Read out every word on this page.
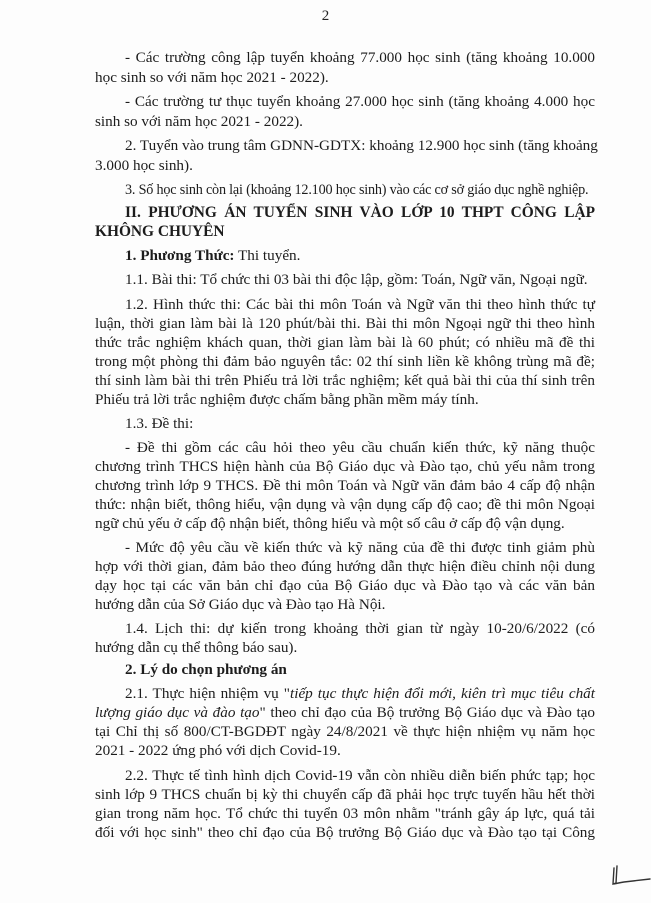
2
- Các trường công lập tuyển khoảng 77.000 học sinh (tăng khoảng 10.000
học sinh so với năm học 2021 - 2022).
- Các trường tư thục tuyển khoảng 27.000 học sinh (tăng khoảng 4.000 học
sinh so với năm học 2021 - 2022).
2. Tuyển vào trung tâm GDNN-GDTX: khoảng 12.900 học sinh (tăng khoảng
3.000 học sinh).
3. Số học sinh còn lại (khoảng 12.100 học sinh) vào các cơ sở giáo dục nghề nghiệp.
II. PHƯƠNG ÁN TUYỂN SINH VÀO LỚP 10 THPT CÔNG LẬP
KHÔNG CHUYÊN
1. Phương Thức: Thi tuyển.
1.1. Bài thi: Tổ chức thi 03 bài thi độc lập, gồm: Toán, Ngữ văn, Ngoại ngữ.
1.2. Hình thức thi: Các bài thi môn Toán và Ngữ văn thi theo hình thức tự
luận, thời gian làm bài là 120 phút/bài thi. Bài thi môn Ngoại ngữ thi theo hình
thức trắc nghiệm khách quan, thời gian làm bài là 60 phút; có nhiều mã đề thi
trong một phòng thi đảm bảo nguyên tắc: 02 thí sinh liền kề không trùng mã đề;
thí sinh làm bài thi trên Phiếu trả lời trắc nghiệm; kết quả bài thi của thí sinh trên
Phiếu trả lời trắc nghiệm được chấm bằng phần mềm máy tính.
1.3. Đề thi:
- Đề thi gồm các câu hỏi theo yêu cầu chuẩn kiến thức, kỹ năng thuộc
chương trình THCS hiện hành của Bộ Giáo dục và Đào tạo, chủ yếu nằm trong
chương trình lớp 9 THCS. Đề thi môn Toán và Ngữ văn đảm bảo 4 cấp độ nhận
thức: nhận biết, thông hiểu, vận dụng và vận dụng cấp độ cao; đề thi môn Ngoại
ngữ chủ yếu ở cấp độ nhận biết, thông hiểu và một số câu ở cấp độ vận dụng.
- Mức độ yêu cầu về kiến thức và kỹ năng của đề thi được tinh giảm phù
hợp với thời gian, đảm bảo theo đúng hướng dẫn thực hiện điều chỉnh nội dung
dạy học tại các văn bản chỉ đạo của Bộ Giáo dục và Đào tạo và các văn bản
hướng dẫn của Sở Giáo dục và Đào tạo Hà Nội.
1.4. Lịch thi: dự kiến trong khoảng thời gian từ ngày 10-20/6/2022 (có
hướng dẫn cụ thể thông báo sau).
2. Lý do chọn phương án
2.1. Thực hiện nhiệm vụ "tiếp tục thực hiện đổi mới, kiên trì mục tiêu chất
lượng giáo dục và đào tạo" theo chỉ đạo của Bộ trưởng Bộ Giáo dục và Đào tạo
tại Chỉ thị số 800/CT-BGDĐT ngày 24/8/2021 về thực hiện nhiệm vụ năm học
2021 - 2022 ứng phó với dịch Covid-19.
2.2. Thực tế tình hình dịch Covid-19 vẫn còn nhiều diễn biến phức tạp; học
sinh lớp 9 THCS chuẩn bị kỳ thi chuyển cấp đã phải học trực tuyến hầu hết thời
gian trong năm học. Tổ chức thi tuyển 03 môn nhằm "tránh gây áp lực, quá tải
đối với học sinh" theo chỉ đạo của Bộ trưởng Bộ Giáo dục và Đào tạo tại Công
